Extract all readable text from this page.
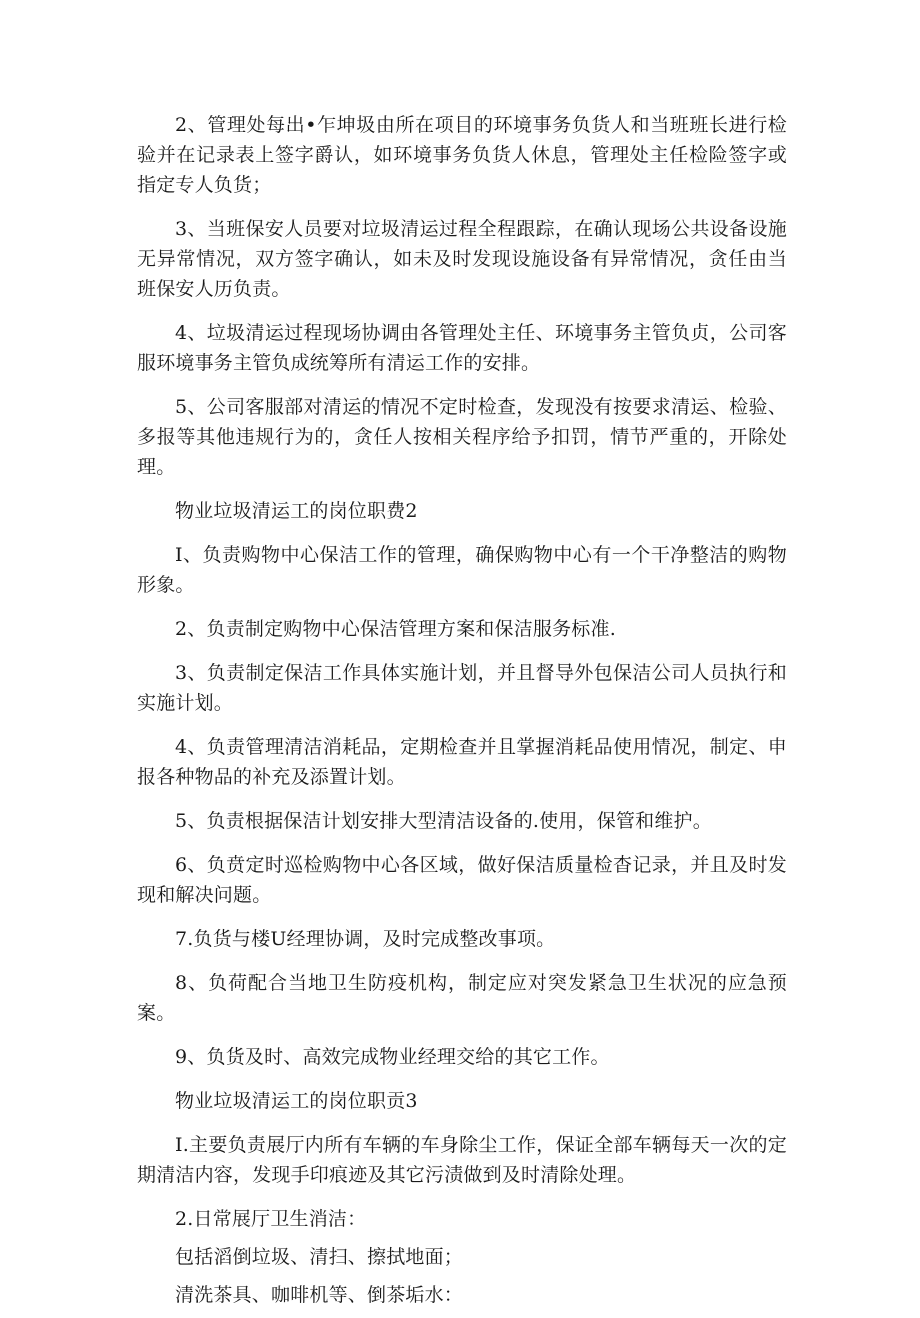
2、管理处每出•乍坤圾由所在项目的环境事务负货人和当班班长进行检验并在记录表上签字爵认，如环境事务负货人休息，管理处主任检险签字或指定专人负货；

3、当班保安人员要对垃圾清运过程全程跟踪，在确认现场公共设备设施无异常情况，双方签字确认，如未及时发现设施设备有异常情况，贪任由当班保安人历负责。

4、垃圾清运过程现场协调由各管理处主任、环境事务主管负贞，公司客服环境事务主管负成统筹所有清运工作的安排。

5、公司客服部对清运的情况不定时检查，发现没有按要求清运、检验、多报等其他违规行为的，贪任人按相关程序给予扣罚，情节严重的，开除处理。

物业垃圾清运工的岗位职费2

I、负责购物中心保洁工作的管理，确保购物中心有一个干净整洁的购物形象。

2、负责制定购物中心保洁管理方案和保洁服务标准.

3、负责制定保洁工作具体实施计划，并且督导外包保洁公司人员执行和实施计划。

4、负责管理清洁消耗品，定期检查并且掌握消耗品使用情况，制定、申报各种物品的补充及添置计划。

5、负责根据保洁计划安排大型清洁设备的.使用，保管和维护。

6、负贲定时巡检购物中心各区域，做好保洁质量检杳记录，并且及时发现和解决问题。

7.负货与楼U经理协调，及时完成整改事项。

8、负荷配合当地卫生防疫机构，制定应对突发紧急卫生状况的应急预案。

9、负货及时、高效完成物业经理交给的其它工作。

物业垃圾清运工的岗位职贡3

I.主要负责展厅内所有车辆的车身除尘工作，保证全部车辆每天一次的定期清洁内容，发现手印痕迹及其它污渍做到及时清除处理。

2.日常展厅卫生消洁：

包括滔倒垃圾、清扫、擦拭地面；

清洗茶具、咖啡机等、倒茶垢水：
